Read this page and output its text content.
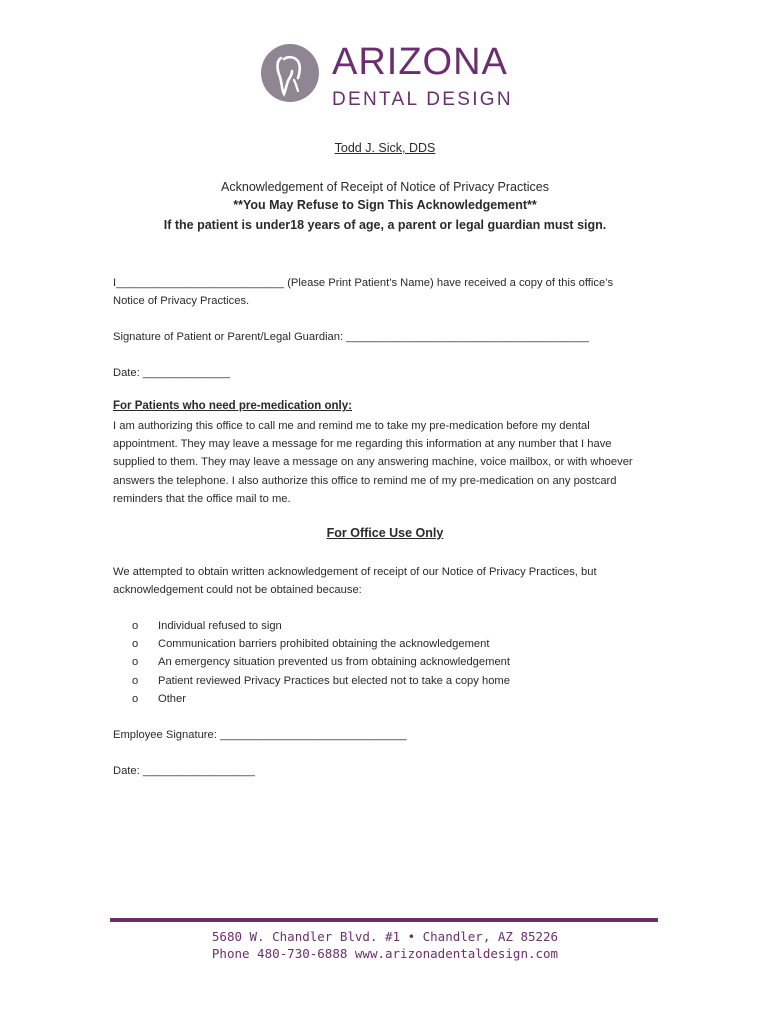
ARIZONA
DENTAL DESIGN
Todd J. Sick, DDS
Acknowledgement of Receipt of Notice of Privacy Practices
**You May Refuse to Sign This Acknowledgement**
If the patient is under18 years of age, a parent or legal guardian must sign.
I___________________________ (Please Print Patient’s Name) have received a copy of this office’s Notice of Privacy Practices.
Signature of Patient or Parent/Legal Guardian: _______________________________________
Date: ______________
For Patients who need pre-medication only:
I am authorizing this office to call me and remind me to take my pre-medication before my dental appointment. They may leave a message for me regarding this information at any number that I have supplied to them. They may leave a message on any answering machine, voice mailbox, or with whoever answers the telephone. I also authorize this office to remind me of my pre-medication on any postcard reminders that the office mail to me.
For Office Use Only
We attempted to obtain written acknowledgement of receipt of our Notice of Privacy Practices, but acknowledgement could not be obtained because:
o Individual refused to sign
o Communication barriers prohibited obtaining the acknowledgement
o An emergency situation prevented us from obtaining acknowledgement
o Patient reviewed Privacy Practices but elected not to take a copy home
o Other
Employee Signature: ______________________________
Date: __________________
5680 W. Chandler Blvd. #1 • Chandler, AZ 85226
Phone 480-730-6888 www.arizonadentaldesign.com
